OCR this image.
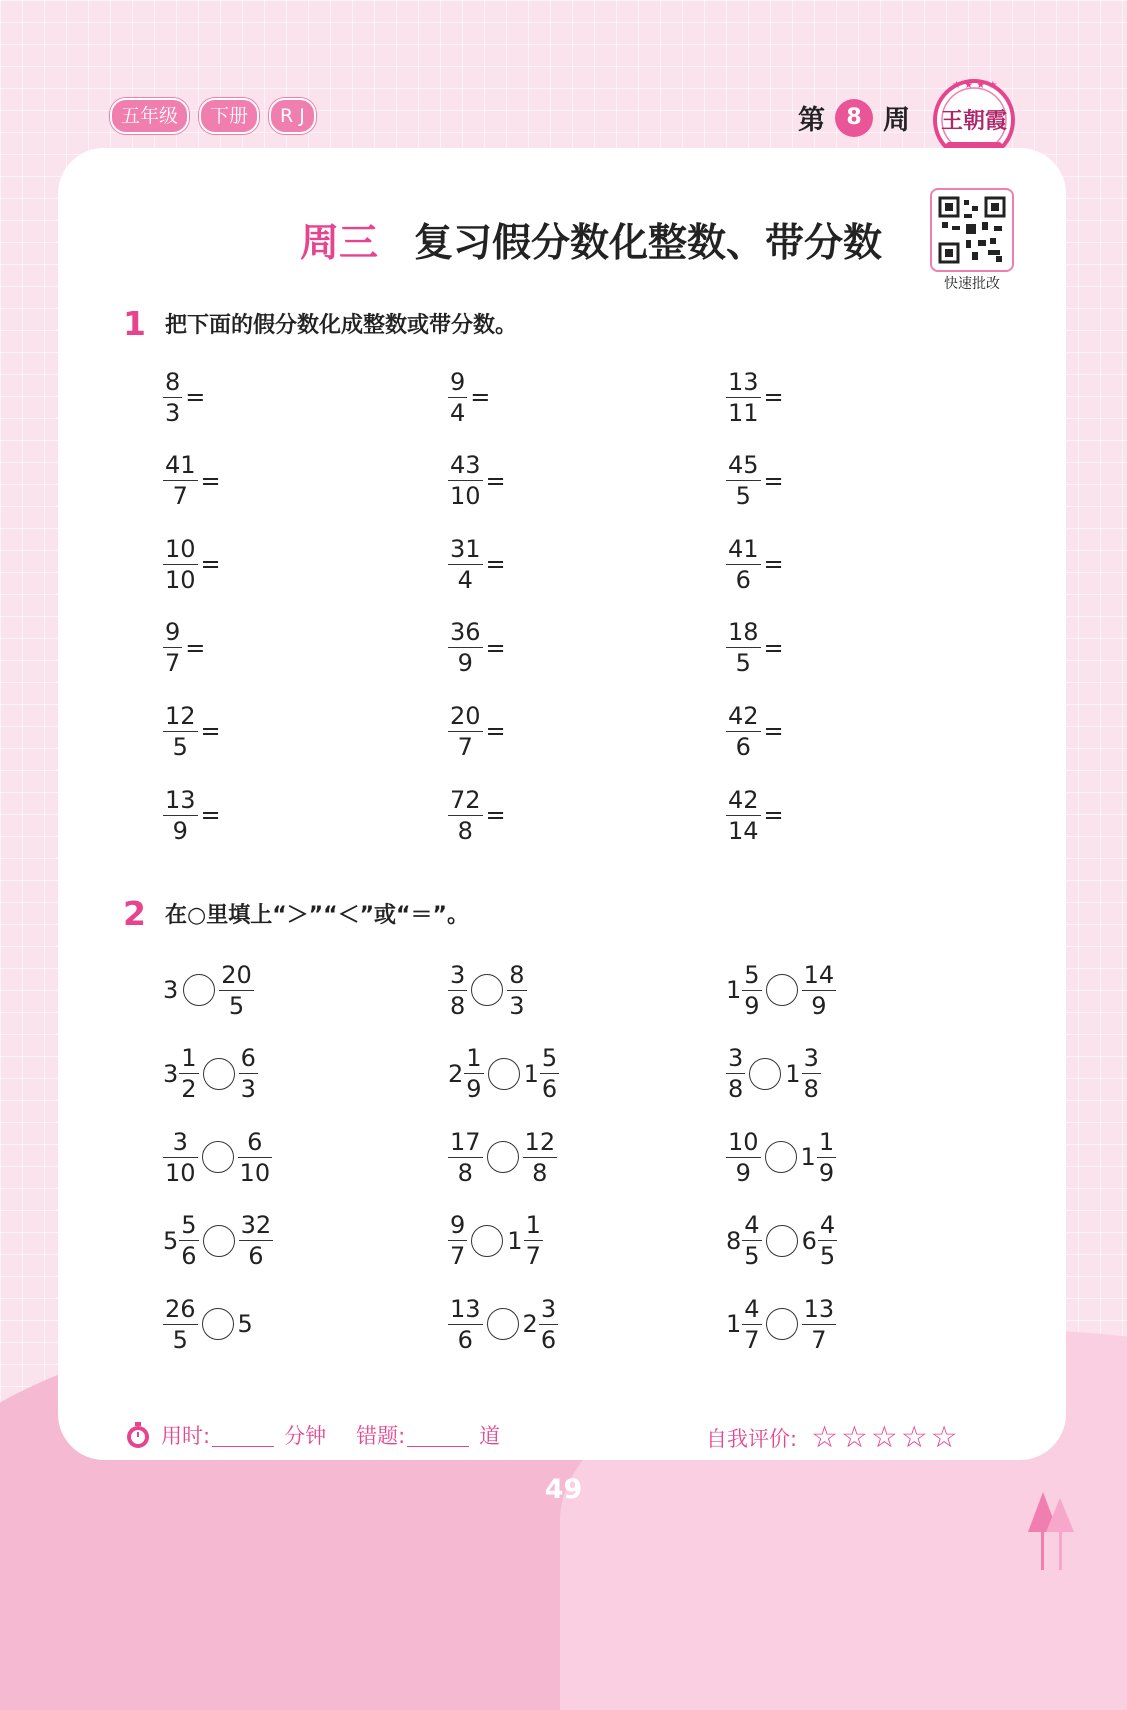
五年级	下册	R J	第 8 周
★ ★ ★ ★
王朝霞
周三 复习假分数化整数、带分数
快速批改
1 把下面的假分数化成整数或带分数。
$\frac{8}{3}$ =	$\frac{9}{4}$ =	$\frac{13}{11}$ =
$\frac{41}{7}$ =	$\frac{43}{10}$ =	$\frac{45}{5}$ =
$\frac{10}{10}$ =	$\frac{31}{4}$ =	$\frac{41}{6}$ =
$\frac{9}{7}$ =	$\frac{36}{9}$ =	$\frac{18}{5}$ =
$\frac{12}{5}$ =	$\frac{20}{7}$ =	$\frac{42}{6}$ =
$\frac{13}{9}$ =	$\frac{72}{8}$ =	$\frac{42}{14}$ =
2 在○里填上“＞”“＜”或“＝”。
$3 \frac{20}{5}$	$\frac{3}{8} \frac{8}{3}$	$1 \frac{5}{9} \frac{14}{9}$
$3 \frac{1}{2} \frac{6}{3}$	$2 \frac{1}{9} 1 \frac{5}{6}$	$\frac{3}{8} 1 \frac{3}{8}$
$\frac{3}{10} \frac{6}{10}$	$\frac{17}{8} \frac{12}{8}$	$\frac{10}{9} 1 \frac{1}{9}$
$5 \frac{5}{6} \frac{32}{6}$	$\frac{9}{7} 1 \frac{1}{7}$	$8 \frac{4}{5} 6 \frac{4}{5}$
$\frac{26}{5} 5$	$\frac{13}{6} 2 \frac{3}{6}$	$1 \frac{4}{7} \frac{13}{7}$
用时:	分钟 错题:	道	自我评价: ☆☆☆☆☆
49
